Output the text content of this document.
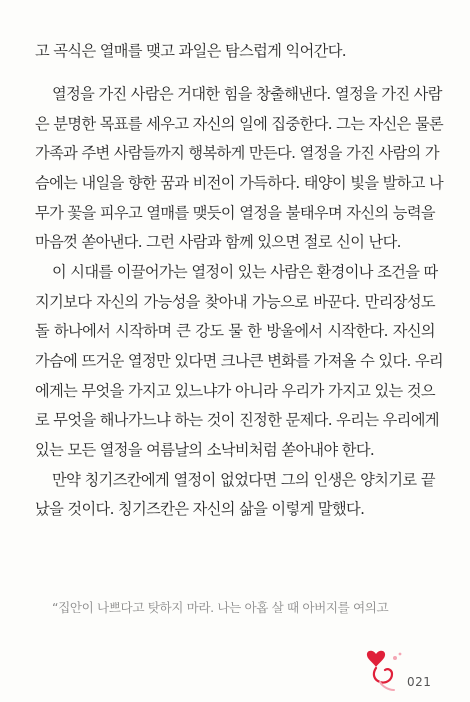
고 곡식은 열매를 맺고 과일은 탐스럽게 익어간다.
열정을 가진 사람은 거대한 힘을 창출해낸다. 열정을 가진 사람
은 분명한 목표를 세우고 자신의 일에 집중한다. 그는 자신은 물론
가족과 주변 사람들까지 행복하게 만든다. 열정을 가진 사람의 가
슴에는 내일을 향한 꿈과 비전이 가득하다. 태양이 빛을 발하고 나
무가 꽃을 피우고 열매를 맺듯이 열정을 불태우며 자신의 능력을
마음껏 쏟아낸다. 그런 사람과 함께 있으면 절로 신이 난다.
이 시대를 이끌어가는 열정이 있는 사람은 환경이나 조건을 따
지기보다 자신의 가능성을 찾아내 가능으로 바꾼다. 만리장성도
돌 하나에서 시작하며 큰 강도 물 한 방울에서 시작한다. 자신의
가슴에 뜨거운 열정만 있다면 크나큰 변화를 가져올 수 있다. 우리
에게는 무엇을 가지고 있느냐가 아니라 우리가 가지고 있는 것으
로 무엇을 해나가느냐 하는 것이 진정한 문제다. 우리는 우리에게
있는 모든 열정을 여름날의 소낙비처럼 쏟아내야 한다.
만약 칭기즈칸에게 열정이 없었다면 그의 인생은 양치기로 끝
났을 것이다. 칭기즈칸은 자신의 삶을 이렇게 말했다.
“집안이 나쁘다고 탓하지 마라. 나는 아홉 살 때 아버지를 여의고
021
